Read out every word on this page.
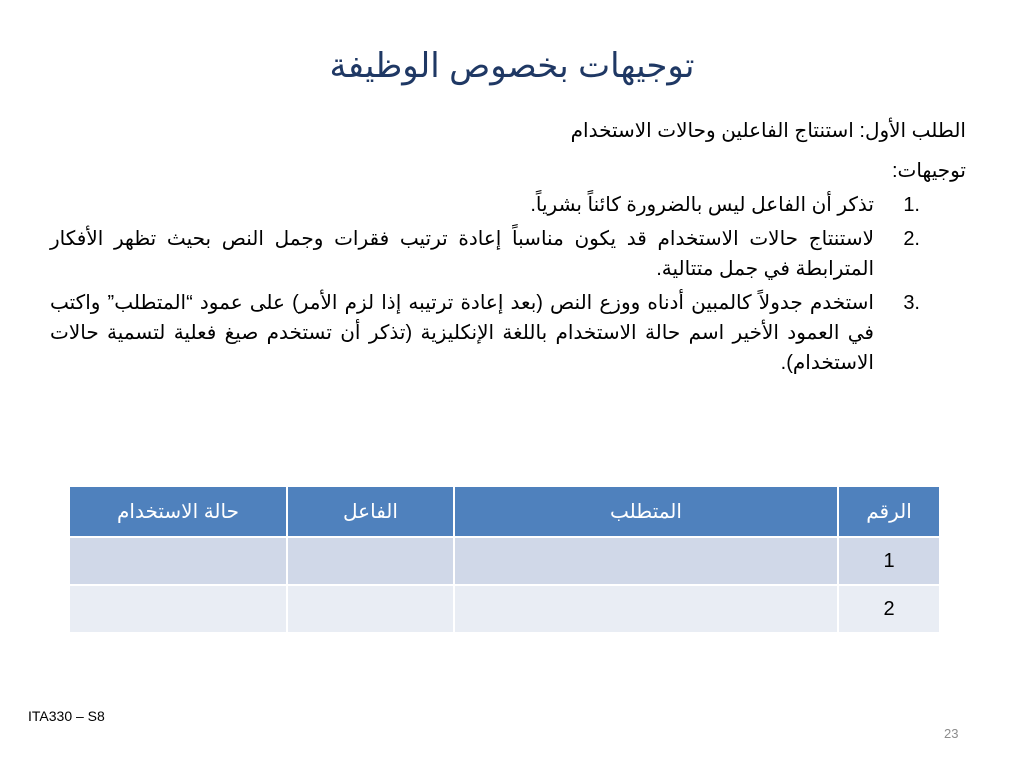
توجيهات بخصوص الوظيفة

الطلب الأول: استنتاج الفاعلين وحالات الاستخدام

توجيهات:

1.
تذكر أن الفاعل ليس بالضرورة كائناً بشرياً.
2.
لاستنتاج حالات الاستخدام قد يكون مناسباً إعادة ترتيب فقرات وجمل النص بحيث تظهر الأفكار المترابطة في جمل متتالية.
3.
استخدم جدولاً كالمبين أدناه ووزع النص (بعد إعادة ترتيبه إذا لزم الأمر) على عمود “المتطلب” واكتب في العمود الأخير اسم حالة الاستخدام باللغة الإنكليزية (تذكر أن تستخدم صيغ فعلية لتسمية حالات الاستخدام).
الرقم	المتطلب	الفاعل	حالة الاستخدام
1			
2			
ITA330 – S8
23
